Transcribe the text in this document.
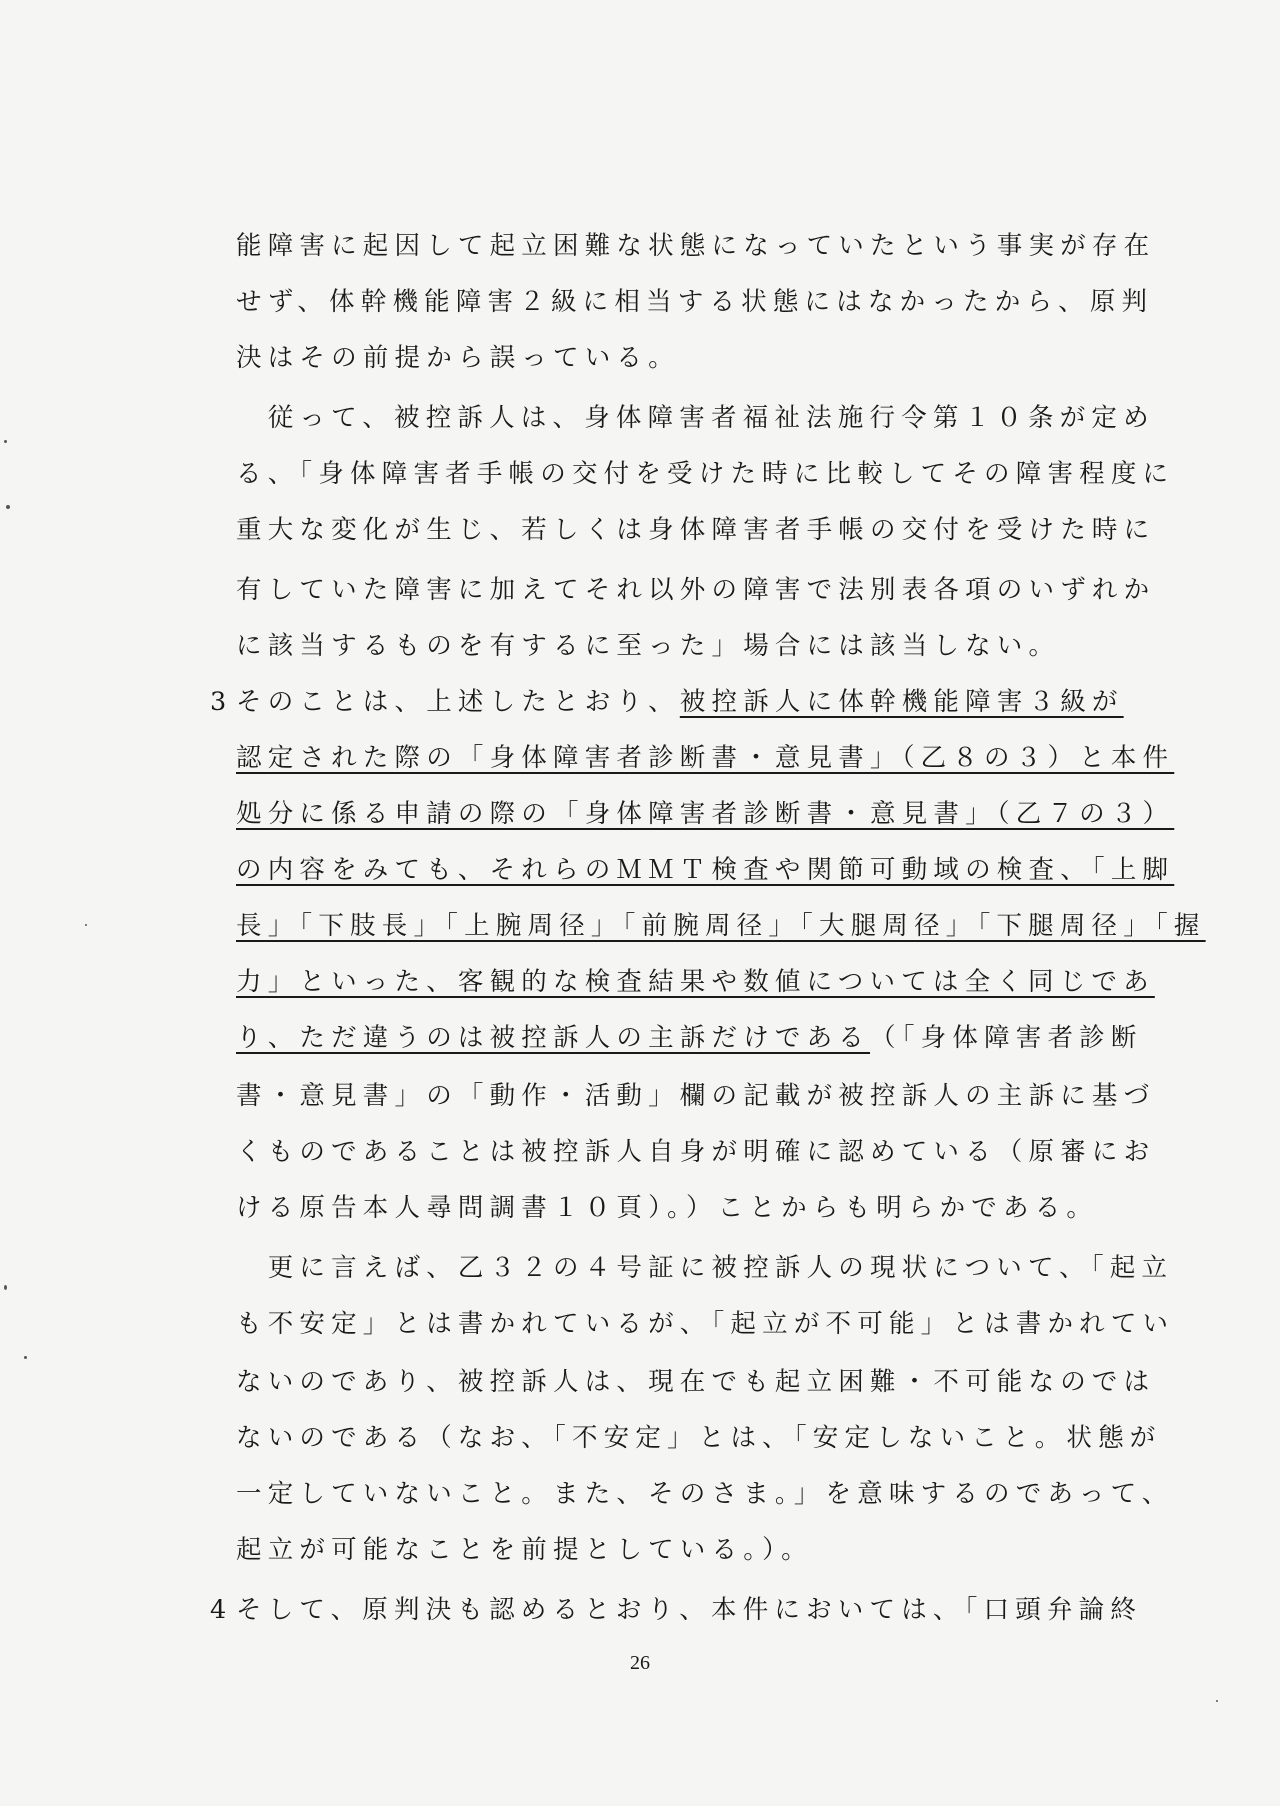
能障害に起因して起立困難な状態になっていたという事実が存在
せず、体幹機能障害２級に相当する状態にはなかったから、原判
決はその前提から誤っている。
　従って、被控訴人は、身体障害者福祉法施行令第１０条が定め
る、「身体障害者手帳の交付を受けた時に比較してその障害程度に
重大な変化が生じ、若しくは身体障害者手帳の交付を受けた時に
有していた障害に加えてそれ以外の障害で法別表各項のいずれか
に該当するものを有するに至った」場合には該当しない。
3 そのことは、上述したとおり、被控訴人に体幹機能障害３級が
認定された際の「身体障害者診断書・意見書」（乙８の３）と本件
処分に係る申請の際の「身体障害者診断書・意見書」（乙７の３）
の内容をみても、それらのＭＭＴ検査や関節可動域の検査、「上脚
長」「下肢長」「上腕周径」「前腕周径」「大腿周径」「下腿周径」「握
力」といった、客観的な検査結果や数値については全く同じであ
り、ただ違うのは被控訴人の主訴だけである（「身体障害者診断
書・意見書」の「動作・活動」欄の記載が被控訴人の主訴に基づ
くものであることは被控訴人自身が明確に認めている（原審にお
ける原告本人尋問調書１０頁）。）ことからも明らかである。
　更に言えば、乙３２の４号証に被控訴人の現状について、「起立
も不安定」とは書かれているが、「起立が不可能」とは書かれてい
ないのであり、被控訴人は、現在でも起立困難・不可能なのでは
ないのである（なお、「不安定」とは、「安定しないこと。状態が
一定していないこと。また、そのさま。」を意味するのであって、
起立が可能なことを前提としている。）。
4 そして、原判決も認めるとおり、本件においては、「口頭弁論終
26
